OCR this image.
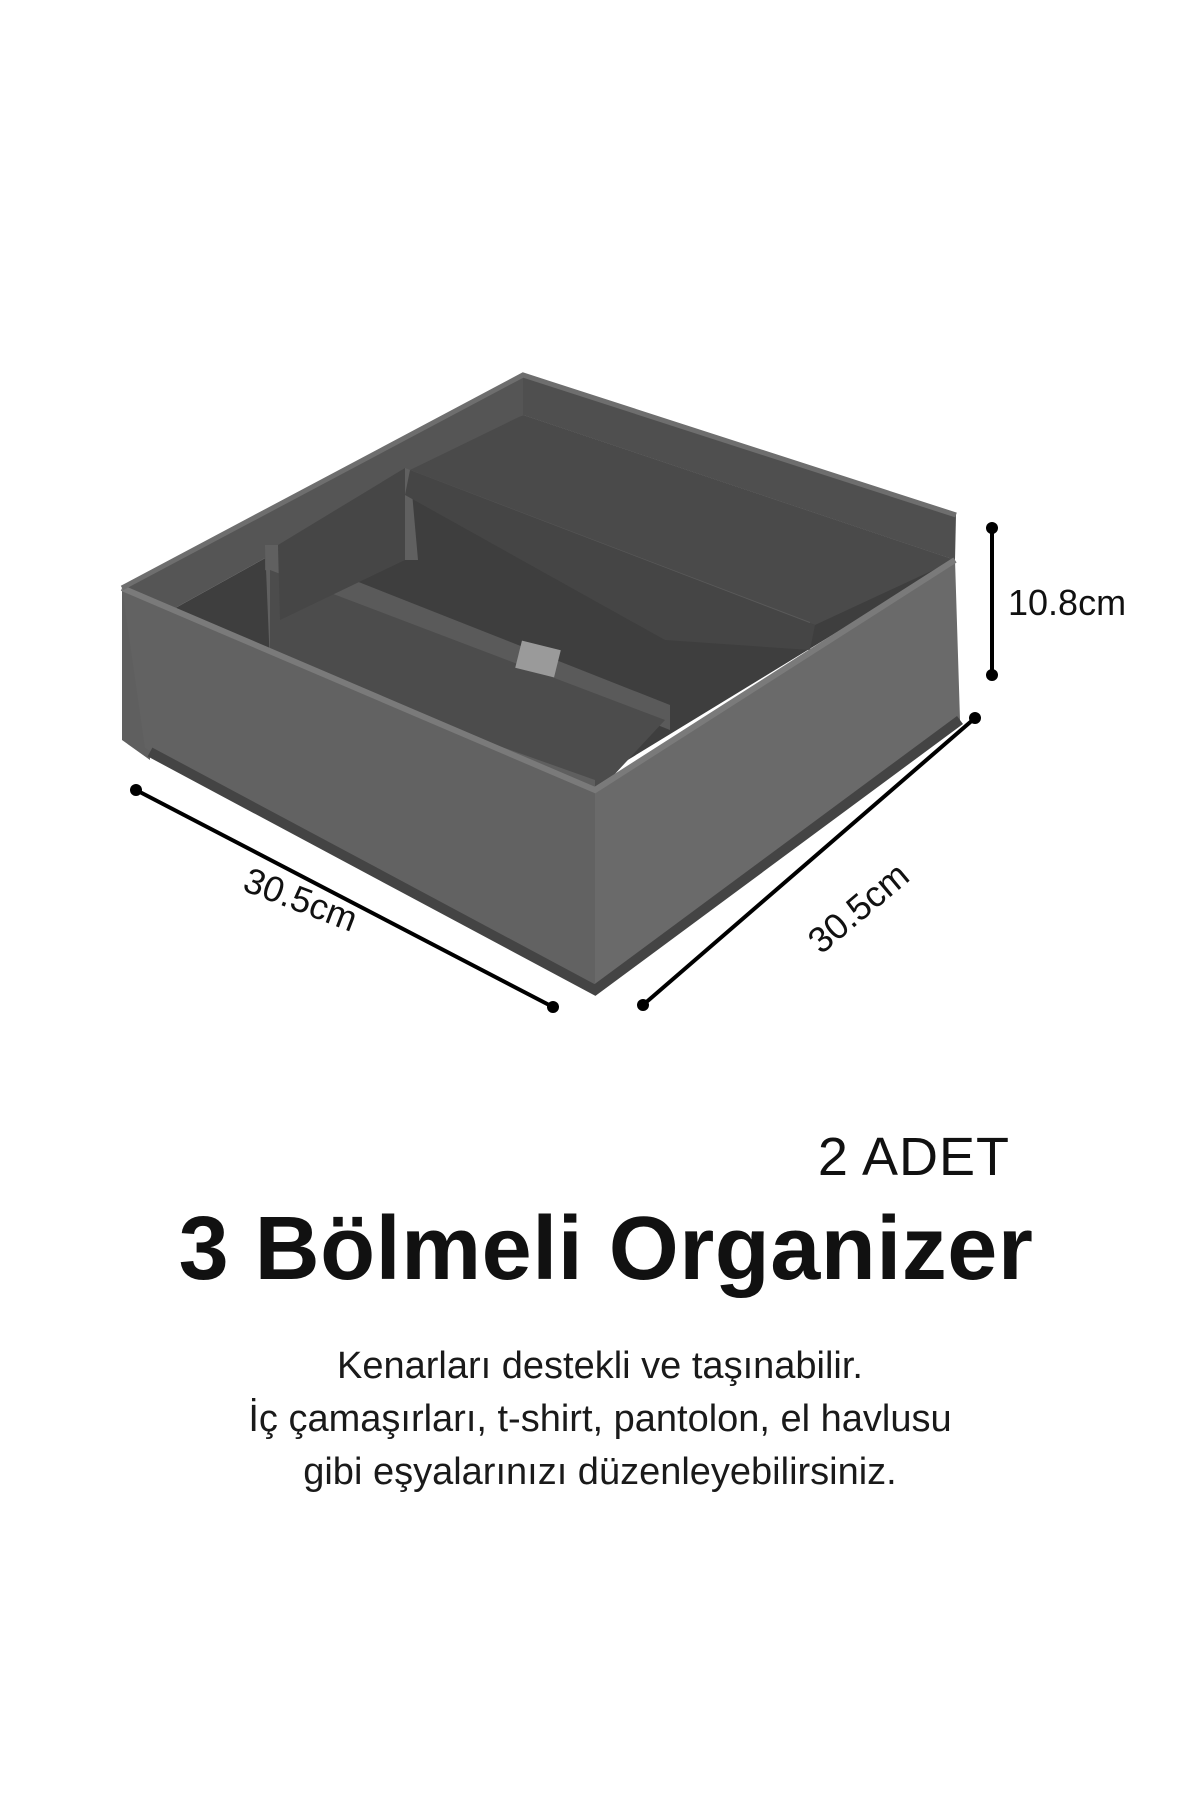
10.8cm
30.5cm	30.5cm
2 ADET
3 Bölmeli Organizer
Kenarları destekli ve taşınabilir.
İç çamaşırları, t-shirt, pantolon, el havlusu
gibi eşyalarınızı düzenleyebilirsiniz.
